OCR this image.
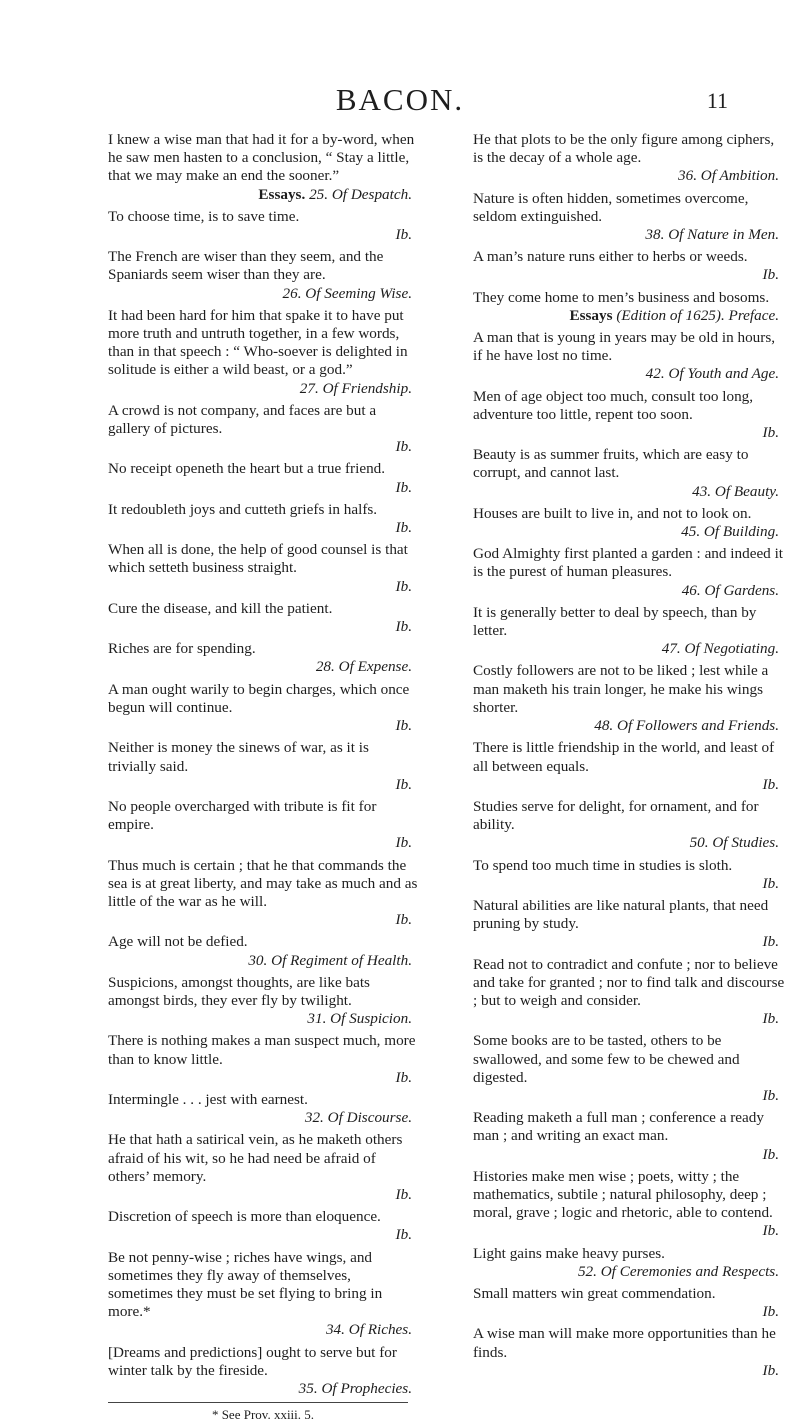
BACON.	11
I knew a wise man that had it for a by-word, when he saw men hasten to a conclusion, “ Stay a little, that we may make an end the sooner.”
Essays. 25. Of Despatch.
To choose time, is to save time.
Ib.
The French are wiser than they seem, and the Spaniards seem wiser than they are.
26. Of Seeming Wise.
It had been hard for him that spake it to have put more truth and untruth together, in a few words, than in that speech : “ Who-soever is delighted in solitude is either a wild beast, or a god.”
27. Of Friendship.
A crowd is not company, and faces are but a gallery of pictures.
Ib.
No receipt openeth the heart but a true friend.
Ib.
It redoubleth joys and cutteth griefs in halfs.
Ib.
When all is done, the help of good counsel is that which setteth business straight.
Ib.
Cure the disease, and kill the patient.
Ib.
Riches are for spending.
28. Of Expense.
A man ought warily to begin charges, which once begun will continue.
Ib.
Neither is money the sinews of war, as it is trivially said.
Ib.
No people overcharged with tribute is fit for empire.
Ib.
Thus much is certain ; that he that commands the sea is at great liberty, and may take as much and as little of the war as he will.
Ib.
Age will not be defied.
30. Of Regiment of Health.
Suspicions, amongst thoughts, are like bats amongst birds, they ever fly by twilight.
31. Of Suspicion.
There is nothing makes a man suspect much, more than to know little.
Ib.
Intermingle . . . jest with earnest.
32. Of Discourse.
He that hath a satirical vein, as he maketh others afraid of his wit, so he had need be afraid of others’ memory.
Ib.
Discretion of speech is more than eloquence.
Ib.
Be not penny-wise ; riches have wings, and sometimes they fly away of themselves, sometimes they must be set flying to bring in more.*
34. Of Riches.
[Dreams and predictions] ought to serve but for winter talk by the fireside.
35. Of Prophecies.
* See Prov. xxiii. 5.
He that plots to be the only figure among ciphers, is the decay of a whole age.
36. Of Ambition.
Nature is often hidden, sometimes overcome, seldom extinguished.
38. Of Nature in Men.
A man’s nature runs either to herbs or weeds.
Ib.
They come home to men’s business and bosoms.
Essays (Edition of 1625). Preface.
A man that is young in years may be old in hours, if he have lost no time.
42. Of Youth and Age.
Men of age object too much, consult too long, adventure too little, repent too soon.
Ib.
Beauty is as summer fruits, which are easy to corrupt, and cannot last.
43. Of Beauty.
Houses are built to live in, and not to look on.
45. Of Building.
God Almighty first planted a garden : and indeed it is the purest of human pleasures.
46. Of Gardens.
It is generally better to deal by speech, than by letter.
47. Of Negotiating.
Costly followers are not to be liked ; lest while a man maketh his train longer, he make his wings shorter.
48. Of Followers and Friends.
There is little friendship in the world, and least of all between equals.
Ib.
Studies serve for delight, for ornament, and for ability.
50. Of Studies.
To spend too much time in studies is sloth.
Ib.
Natural abilities are like natural plants, that need pruning by study.
Ib.
Read not to contradict and confute ; nor to believe and take for granted ; nor to find talk and discourse ; but to weigh and consider.
Ib.
Some books are to be tasted, others to be swallowed, and some few to be chewed and digested.
Ib.
Reading maketh a full man ; conference a ready man ; and writing an exact man.
Ib.
Histories make men wise ; poets, witty ; the mathematics, subtile ; natural philosophy, deep ; moral, grave ; logic and rhetoric, able to contend.
Ib.
Light gains make heavy purses.
52. Of Ceremonies and Respects.
Small matters win great commendation.
Ib.
A wise man will make more opportunities than he finds.
Ib.
